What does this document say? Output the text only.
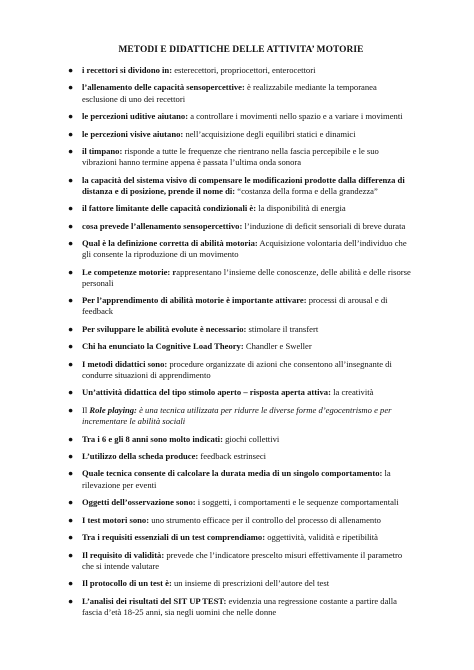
METODI E DIDATTICHE DELLE ATTIVITA’ MOTORIE
● i recettori si dividono in: esterecettori, propriocettori, enterocettori
● l’allenamento delle capacità sensopercettive: è realizzabile mediante la temporanea esclusione di uno dei recettori
● le percezioni uditive aiutano: a controllare i movimenti nello spazio e a variare i movimenti
● le percezioni visive aiutano: nell’acquisizione degli equilibri statici e dinamici
● il timpano: risponde a tutte le frequenze che rientrano nella fascia percepibile e le suo vibrazioni hanno termine appena è passata l’ultima onda sonora
● la capacità del sistema visivo di compensare le modificazioni prodotte dalla differenza di distanza e di posizione, prende il nome di: “costanza della forma e della grandezza”
● il fattore limitante delle capacità condizionali è: la disponibilità di energia
● cosa prevede l’allenamento sensopercettivo: l’induzione di deficit sensoriali di breve durata
● Qual è la definizione corretta di abilità motoria: Acquisizione volontaria dell’individuo che gli consente la riproduzione di un movimento
● Le competenze motorie: rappresentano l’insieme delle conoscenze, delle abilità e delle risorse personali
● Per l’apprendimento di abilità motorie è importante attivare: processi di arousal e di feedback
● Per sviluppare le abilità evolute è necessario: stimolare il transfert
● Chi ha enunciato la Cognitive Load Theory: Chandler e Sweller
● I metodi didattici sono: procedure organizzate di azioni che consentono all’insegnante di condurre situazioni di apprendimento
● Un’attività didattica del tipo stimolo aperto – risposta aperta attiva: la creatività
● Il Role playing: è una tecnica utilizzata per ridurre le diverse forme d’egocentrismo e per incrementare le abilità sociali
● Tra i 6 e gli 8 anni sono molto indicati: giochi collettivi
● L’utilizzo della scheda produce: feedback estrinseci
● Quale tecnica consente di calcolare la durata media di un singolo comportamento: la rilevazione per eventi
● Oggetti dell’osservazione sono: i soggetti, i comportamenti e le sequenze comportamentali
● I test motori sono: uno strumento efficace per il controllo del processo di allenamento
● Tra i requisiti essenziali di un test comprendiamo: oggettività, validità e ripetibilità
● Il requisito di validità: prevede che l’indicatore prescelto misuri effettivamente il parametro che si intende valutare
● Il protocollo di un test è: un insieme di prescrizioni dell’autore del test
● L’analisi dei risultati del SIT UP TEST: evidenzia una regressione costante a partire dalla fascia d’età 18-25 anni, sia negli uomini che nelle donne
